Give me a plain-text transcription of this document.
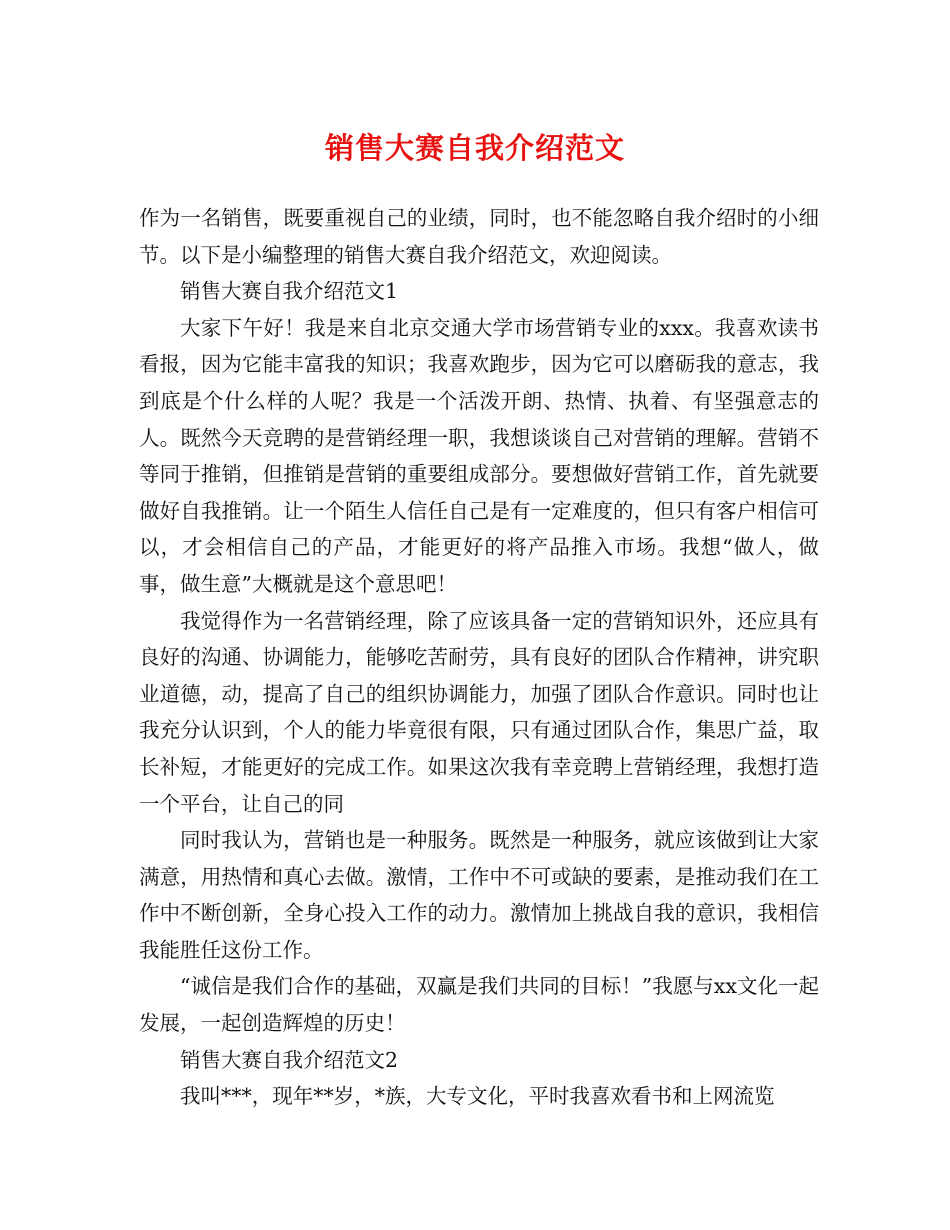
销售大赛自我介绍范文

作为一名销售，既要重视自己的业绩，同时，也不能忽略自我介绍时的小细节。以下是小编整理的销售大赛自我介绍范文，欢迎阅读。

销售大赛自我介绍范文1

大家下午好！我是来自北京交通大学市场营销专业的xxx。我喜欢读书看报，因为它能丰富我的知识；我喜欢跑步，因为它可以磨砺我的意志，我到底是个什么样的人呢？我是一个活泼开朗、热情、执着、有坚强意志的人。既然今天竞聘的是营销经理一职，我想谈谈自己对营销的理解。营销不等同于推销，但推销是营销的重要组成部分。要想做好营销工作，首先就要做好自我推销。让一个陌生人信任自己是有一定难度的，但只有客户相信可以，才会相信自己的产品，才能更好的将产品推入市场。我想“做人，做事，做生意”大概就是这个意思吧！

我觉得作为一名营销经理，除了应该具备一定的营销知识外，还应具有良好的沟通、协调能力，能够吃苦耐劳，具有良好的团队合作精神，讲究职业道德，动，提高了自己的组织协调能力，加强了团队合作意识。同时也让我充分认识到，个人的能力毕竟很有限，只有通过团队合作，集思广益，取长补短，才能更好的完成工作。如果这次我有幸竞聘上营销经理，我想打造一个平台，让自己的同

同时我认为，营销也是一种服务。既然是一种服务，就应该做到让大家满意，用热情和真心去做。激情，工作中不可或缺的要素，是推动我们在工作中不断创新，全身心投入工作的动力。激情加上挑战自我的意识，我相信我能胜任这份工作。

“诚信是我们合作的基础，双赢是我们共同的目标！”我愿与xx文化一起发展，一起创造辉煌的历史！

销售大赛自我介绍范文2

我叫***，现年**岁，*族，大专文化，平时我喜欢看书和上网流览
